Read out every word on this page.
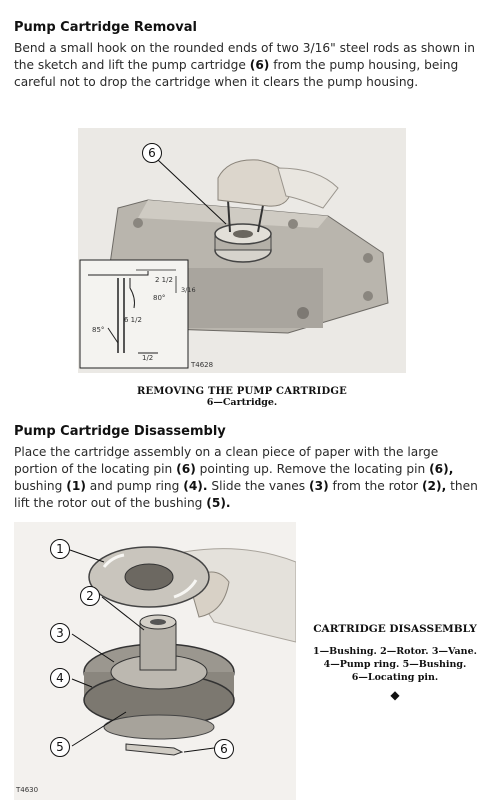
Pump Cartridge Removal

Bend a small hook on the rounded ends of two 3/16" steel rods as shown in the sketch and lift the pump cartridge (6) from the pump housing, being careful not to drop the cartridge when it clears the pump housing.

6
2 1/2
3/16
80°
85°
6 1/2
1/2
T4628
REMOVING THE PUMP CARTRIDGE
6—Cartridge.
Pump Cartridge Disassembly

Place the cartridge assembly on a clean piece of paper with the large portion of the locating pin (6) pointing up. Remove the locating pin (6), bushing (1) and pump ring (4). Slide the vanes (3) from the rotor (2), then lift the rotor out of the bushing (5).

1
2
3
4
5	6
T4630
CARTRIDGE DISASSEMBLY
1—Bushing. 2—Rotor. 3—Vane.
4—Pump ring. 5—Bushing.
6—Locating pin.
◆
